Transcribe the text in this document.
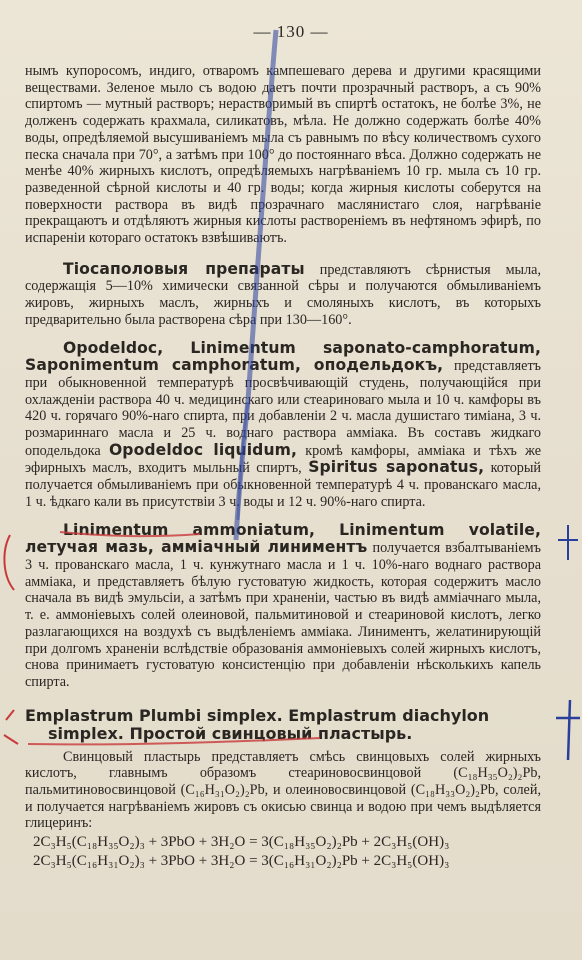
— 130 —

нымъ купоросомъ, индиго, отваромъ кампешеваго дерева и другими красящими веществами. Зеленое мыло съ водою даетъ почти прозрачный растворъ, а съ 90% спиртомъ — мутный растворъ; нерастворимый въ спиртѣ остатокъ, не болѣе 3%, не долженъ содержать крахмала, силикатовъ, мѣла. Не должно содержать болѣе 40% воды, опредѣляемой высушиваніемъ мыла съ равнымъ по вѣсу количествомъ сухого песка сначала при 70°, а затѣмъ при 100° до постояннаго вѣса. Должно содержать не менѣе 40% жирныхъ кислотъ, опредѣляемыхъ нагрѣваніемъ 10 гр. мыла съ 10 гр. разведенной сѣрной кислоты и 40 гр. воды; когда жирныя кислоты соберутся на поверхности раствора въ видѣ прозрачнаго маслянистаго слоя, нагрѣваніе прекращаютъ и отдѣляютъ жирныя кислоты растворенiемъ въ нефтяномъ эфирѣ, по испареніи котораго остатокъ взвѣшиваютъ.

Тiосаполовыя препараты представляютъ сѣрнистыя мыла, содержащiя 5—10% химически связанной сѣры и получаются обмыливаніемъ жировъ, жирныхъ маслъ, жирныхъ и смоляныхъ кислотъ, въ которыхъ предварительно была растворена сѣра при 130—160°.

Opodeldoc, Linimentum saponato-camphoratum, Saponimentum camphoratum, оподельдокъ, представляетъ при обыкновенной температурѣ просвѣчивающій студень, получающійся при охлажденіи раствора 40 ч. медицинскаго или стеариноваго мыла и 10 ч. камфоры въ 420 ч. горячаго 90%-наго спирта, при добавленіи 2 ч. масла душистаго тиміана, 3 ч. розмариннаго масла и 25 ч. воднаго раствора аммiака. Въ составъ жидкаго оподельдока Opodeldoc liquidum, кромѣ камфоры, аммiака и тѣхъ же эфирныхъ маслъ, входитъ мыльный спиртъ, Spiritus saponatus, который получается обмыливаніемъ при обыкновенной температурѣ 4 ч. прованскаго масла, 1 ч. ѣдкаго кали въ присутствіи 3 ч. воды и 12 ч. 90%-наго спирта.

Linimentum ammoniatum, Linimentum volatile, летучая мазь, амміачный линиментъ получается взбалтываніемъ 3 ч. прованскаго масла, 1 ч. кунжутнаго масла и 1 ч. 10%-наго воднаго раствора амміака, и представляетъ бѣлую густоватую жидкость, которая содержитъ масло сначала въ видѣ эмульсіи, а затѣмъ при храненіи, частью въ видѣ амміачнаго мыла, т. е. аммонiевыхъ солей олеиновой, пальмитиновой и стеариновой кислотъ, легко разлагающихся на воздухѣ съ выдѣленіемъ амміака. Линиментъ, желатинирующій при долгомъ храненіи вслѣдствіе образованія аммонiевыхъ солей жирныхъ кислотъ, снова принимаетъ густоватую консистенцію при добавленіи нѣсколькихъ капель спирта.

Emplastrum Plumbi simplex. Emplastrum diachylon
simplex. Простой свинцовый пластырь.

Свинцовый пластырь представляетъ смѣсь свинцовыхъ солей жирныхъ кислотъ, главнымъ образомъ стеариновосвинцовой (C₁₈H₃₅O₂)₂Pb, пальмитиновосвинцовой (C₁₆H₃₁O₂)₂Pb, и олеиновосвинцовой (C₁₈H₃₃O₂)₂Pb, солей, и получается нагрѣваніемъ жировъ съ окисью свинца и водою при чемъ выдѣляется глицеринъ:

2C₃H₅(C₁₈H₃₅O₂)₃ + 3PbO + 3H₂O = 3(C₁₈H₃₅O₂)₂Pb + 2C₃H₅(OH)₃
2C₃H₅(C₁₆H₃₁O₂)₃ + 3PbO + 3H₂O = 3(C₁₆H₃₁O₂)₂Pb + 2C₃H₅(OH)₃
